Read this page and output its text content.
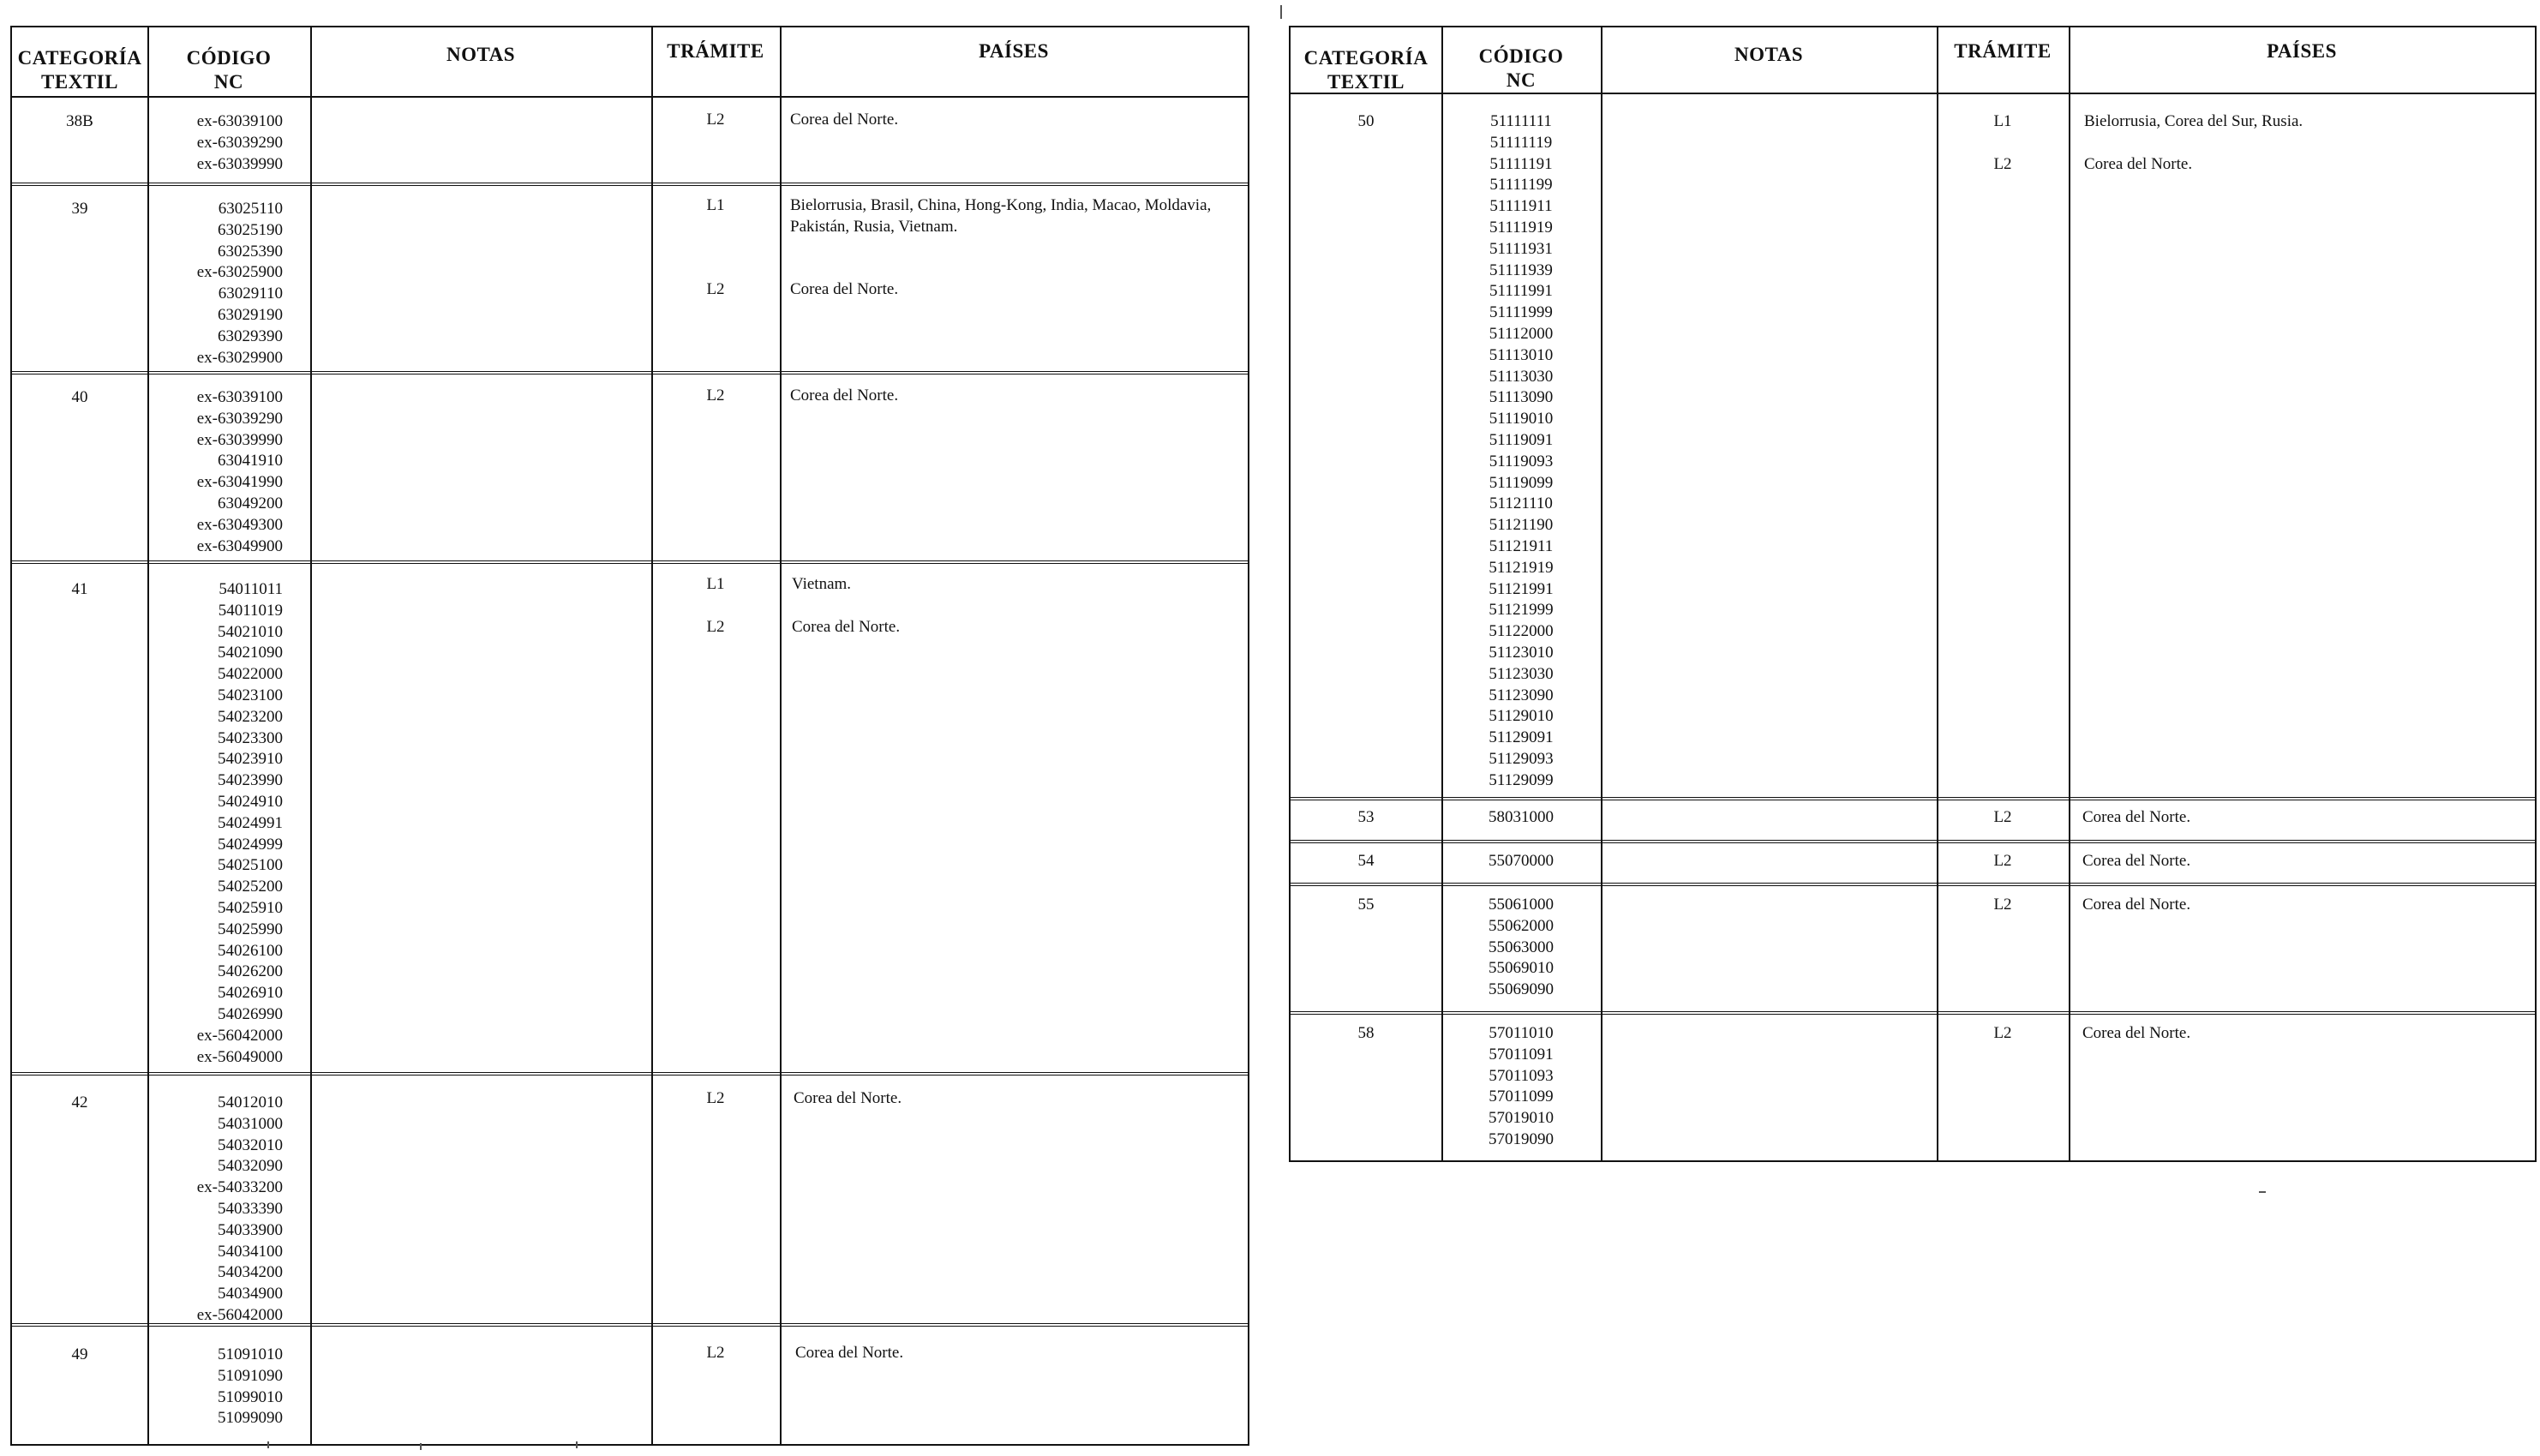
CATEGORÍA
TEXTIL
CÓDIGO
NC
NOTAS	TRÁMITE	PAÍSES
38B	ex-63039100
ex-63039290
ex-63039990
L2	Corea del Norte.
39	63025110
63025190
63025390
ex-63025900
63029110
63029190
63029390
ex-63029900
L1	Bielorrusia, Brasil, China, Hong-Kong, India, Macao, Moldavia, Pakistán, Rusia, Vietnam.
L2	Corea del Norte.
40	ex-63039100
ex-63039290
ex-63039990
63041910
ex-63041990
63049200
ex-63049300
ex-63049900
L2	Corea del Norte.
41	54011011
54011019
54021010
54021090
54022000
54023100
54023200
54023300
54023910
54023990
54024910
54024991
54024999
54025100
54025200
54025910
54025990
54026100
54026200
54026910
54026990
ex-56042000
ex-56049000
L1	Vietnam.
L2	Corea del Norte.
42	54012010
54031000
54032010
54032090
ex-54033200
54033390
54033900
54034100
54034200
54034900
ex-56042000
L2	Corea del Norte.
49	51091010
51091090
51099010
51099090
L2	Corea del Norte.
CATEGORÍA
TEXTIL
CÓDIGO
NC
NOTAS	TRÁMITE	PAÍSES
50	51111111
51111119
51111191
51111199
51111911
51111919
51111931
51111939
51111991
51111999
51112000
51113010
51113030
51113090
51119010
51119091
51119093
51119099
51121110
51121190
51121911
51121919
51121991
51121999
51122000
51123010
51123030
51123090
51129010
51129091
51129093
51129099
L1	Bielorrusia, Corea del Sur, Rusia.
L2	Corea del Norte.
53	58031000	L2	Corea del Norte.
54	55070000	L2	Corea del Norte.
55	55061000
55062000
55063000
55069010
55069090
L2	Corea del Norte.
58	57011010
57011091
57011093
57011099
57019010
57019090
L2	Corea del Norte.
